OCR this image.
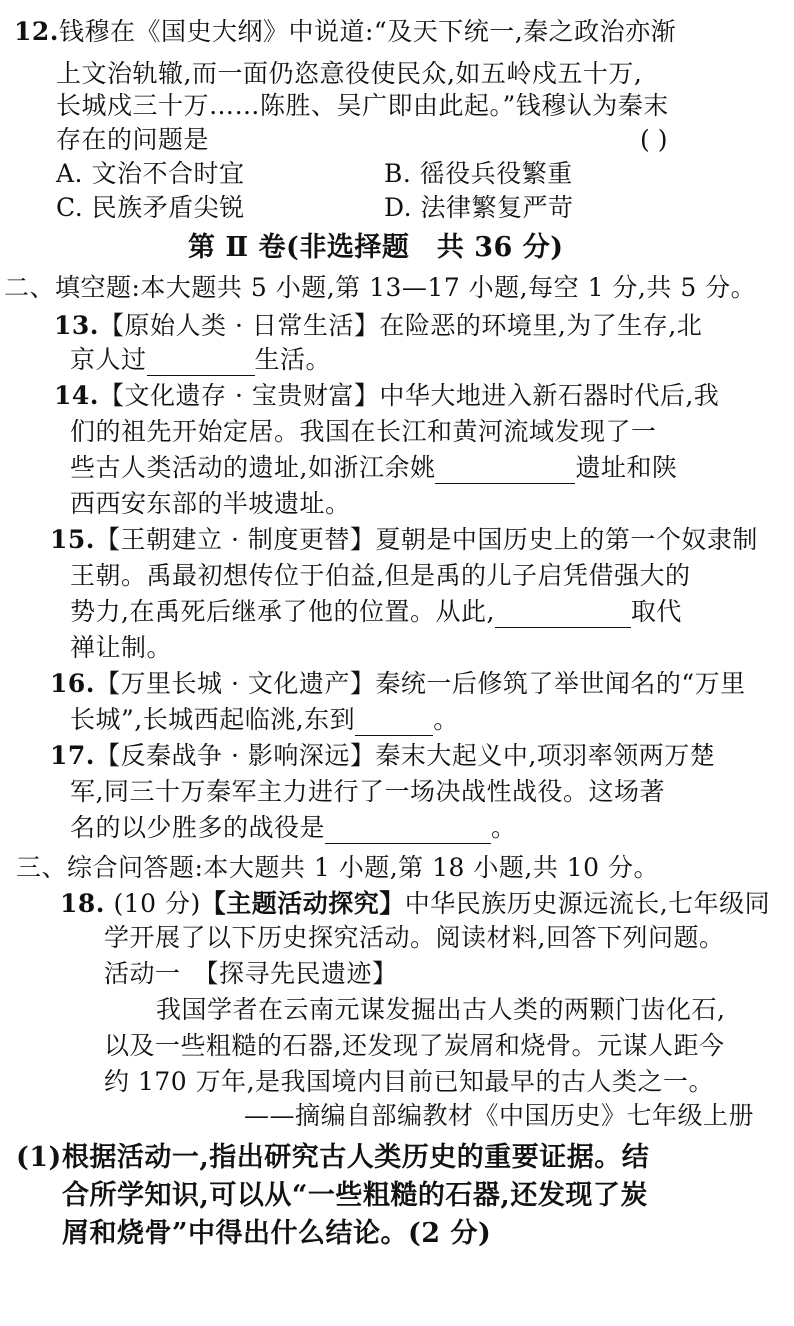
12.钱穆在《国史大纲》中说道:“及天下统一,秦之政治亦渐
上文治轨辙,而一面仍恣意役使民众,如五岭戍五十万,
长城戍三十万……陈胜、吴广即由此起。”钱穆认为秦末
存在的问题是	( )
A. 文治不合时宜	B. 徭役兵役繁重
C. 民族矛盾尖锐	D. 法律繁复严苛
第 Ⅱ 卷(非选择题　共 36 分)
二、填空题:本大题共 5 小题,第 13—17 小题,每空 1 分,共 5 分。
13.【原始人类 · 日常生活】在险恶的环境里,为了生存,北
京人过	生活。
14.【文化遗存 · 宝贵财富】中华大地进入新石器时代后,我
们的祖先开始定居。我国在长江和黄河流域发现了一
些古人类活动的遗址,如浙江余姚	遗址和陕
西西安东部的半坡遗址。
15.【王朝建立 · 制度更替】夏朝是中国历史上的第一个奴隶制
王朝。禹最初想传位于伯益,但是禹的儿子启凭借强大的
势力,在禹死后继承了他的位置。从此,	取代
禅让制。
16.【万里长城 · 文化遗产】秦统一后修筑了举世闻名的“万里
长城”,长城西起临洮,东到	。
17.【反秦战争 · 影响深远】秦末大起义中,项羽率领两万楚
军,同三十万秦军主力进行了一场决战性战役。这场著
名的以少胜多的战役是	。
三、综合问答题:本大题共 1 小题,第 18 小题,共 10 分。
18. (10 分)【主题活动探究】中华民族历史源远流长,七年级同
学开展了以下历史探究活动。阅读材料,回答下列问题。
活动一　【探寻先民遗迹】
我国学者在云南元谋发掘出古人类的两颗门齿化石,
以及一些粗糙的石器,还发现了炭屑和烧骨。元谋人距今
约 170 万年,是我国境内目前已知最早的古人类之一。
——摘编自部编教材《中国历史》七年级上册
(1)根据活动一,指出研究古人类历史的重要证据。结
合所学知识,可以从“一些粗糙的石器,还发现了炭
屑和烧骨”中得出什么结论。(2 分)
